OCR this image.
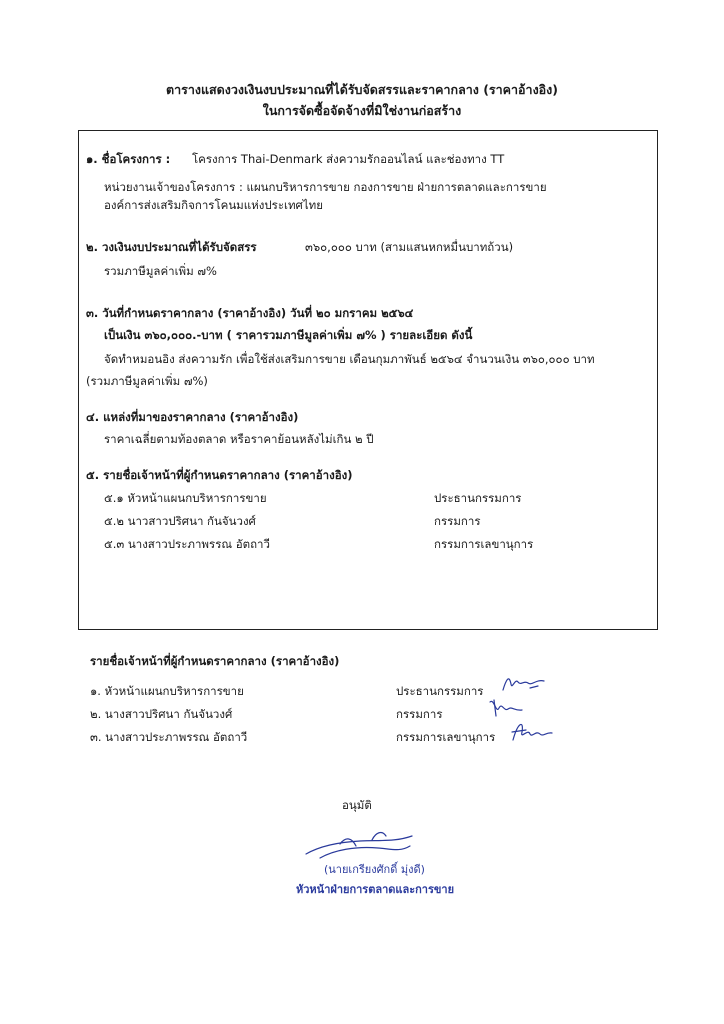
ตารางแสดงวงเงินงบประมาณที่ได้รับจัดสรรและราคากลาง (ราคาอ้างอิง)
ในการจัดซื้อจัดจ้างที่มิใช่งานก่อสร้าง
๑. ชื่อโครงการ : โครงการ Thai-Denmark ส่งความรักออนไลน์ และช่องทาง TT
หน่วยงานเจ้าของโครงการ : แผนกบริหารการขาย กองการขาย ฝ่ายการตลาดและการขาย
องค์การส่งเสริมกิจการโคนมแห่งประเทศไทย
๒. วงเงินงบประมาณที่ได้รับจัดสรร	๓๖๐,๐๐๐ บาท (สามแสนหกหมื่นบาทถ้วน)
รวมภาษีมูลค่าเพิ่ม ๗%
๓. วันที่กำหนดราคากลาง (ราคาอ้างอิง) วันที่ ๒๐ มกราคม ๒๕๖๔
เป็นเงิน ๓๖๐,๐๐๐.-บาท ( ราคารวมภาษีมูลค่าเพิ่ม ๗% ) รายละเอียด ดังนี้
จัดทำหมอนอิง ส่งความรัก เพื่อใช้ส่งเสริมการขาย เดือนกุมภาพันธ์ ๒๕๖๔ จำนวนเงิน ๓๖๐,๐๐๐ บาท
(รวมภาษีมูลค่าเพิ่ม ๗%)
๔. แหล่งที่มาของราคากลาง (ราคาอ้างอิง)
ราคาเฉลี่ยตามท้องตลาด หรือราคาย้อนหลังไม่เกิน ๒ ปี
๕. รายชื่อเจ้าหน้าที่ผู้กำหนดราคากลาง (ราคาอ้างอิง)
๕.๑ หัวหน้าแผนกบริหารการขาย	ประธานกรรมการ
๕.๒ นาวสาวปริศนา กันจันวงศ์	กรรมการ
๕.๓ นางสาวประภาพรรณ อัตถาวี	กรรมการเลขานุการ
รายชื่อเจ้าหน้าที่ผู้กำหนดราคากลาง (ราคาอ้างอิง)
๑. หัวหน้าแผนกบริหารการขาย	ประธานกรรมการ
๒. นางสาวปริศนา กันจันวงศ์	กรรมการ
๓. นางสาวประภาพรรณ อัตถาวี	กรรมการเลขานุการ
อนุมัติ
(นายเกรียงศักดิ์ มุ่งดี)
หัวหน้าฝ่ายการตลาดและการขาย
